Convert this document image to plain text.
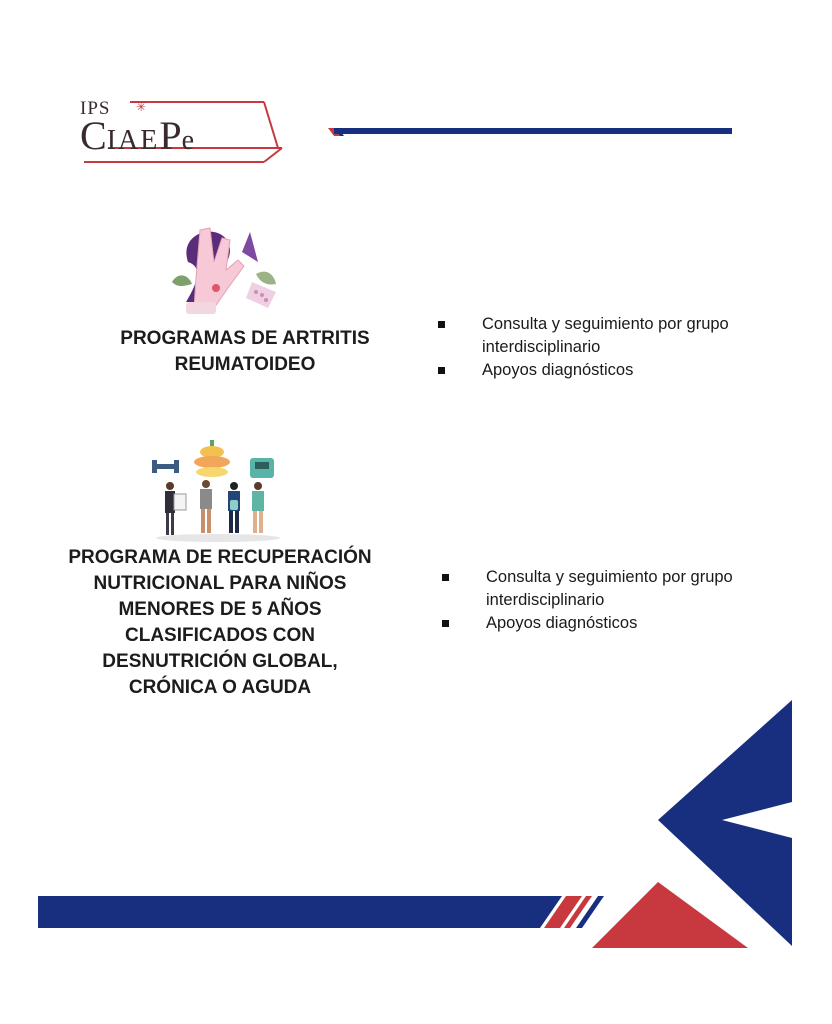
✳
IPS
CIAEPe
PROGRAMAS DE ARTRITIS
REUMATOIDEO
Consulta y seguimiento por grupo interdisciplinario
Apoyos diagnósticos
PROGRAMA DE RECUPERACIÓN
NUTRICIONAL PARA NIÑOS
MENORES DE 5 AÑOS
CLASIFICADOS CON
DESNUTRICIÓN GLOBAL,
CRÓNICA O AGUDA
Consulta y seguimiento por grupo interdisciplinario
Apoyos diagnósticos
